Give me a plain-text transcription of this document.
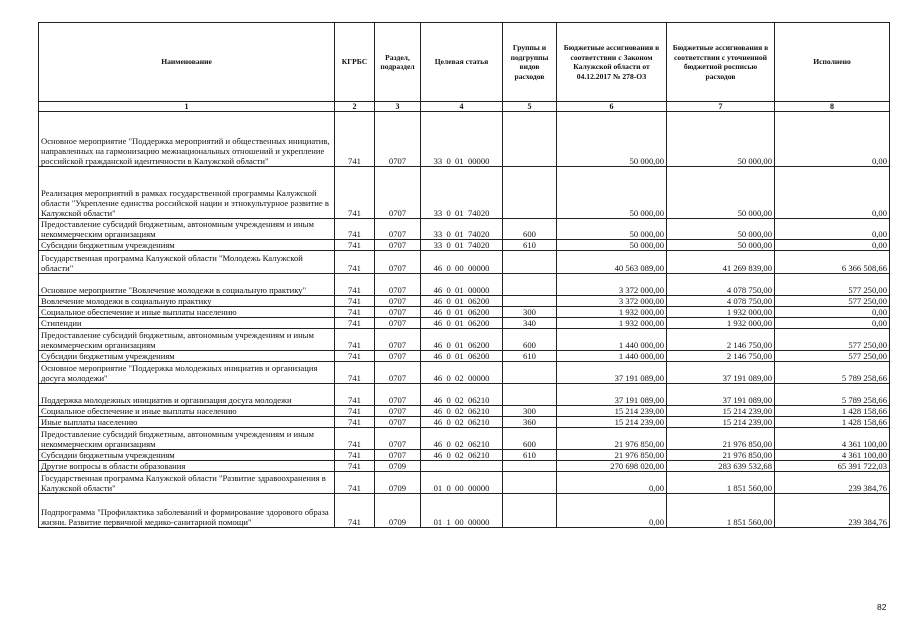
Наименование	КГРБС	Раздел, подраздел	Целевая статья	Группы и подгруппы видов расходов	Бюджетные ассигнования в соответствии с Законом Калужской области от 04.12.2017 № 278-ОЗ	Бюджетные ассигнования в соответствии с уточненной бюджетной росписью расходов	Исполнено
1	2	3	4	5	6	7	8
Основное мероприятие "Поддержка мероприятий и общественных инициатив, направленных на гармонизацию межнациональных отношений и укрепление российской гражданской идентичности в Калужской области"	741	0707	33  0  01  00000		50 000,00	50 000,00	0,00
Реализация мероприятий в рамках государственной программы Калужской области "Укрепление единства российской нации и этнокультурное развитие в Калужской области"	741	0707	33  0  01  74020		50 000,00	50 000,00	0,00
Предоставление субсидий бюджетным, автономным учреждениям и иным некоммерческим организациям	741	0707	33  0  01  74020	600	50 000,00	50 000,00	0,00
Субсидии бюджетным учреждениям	741	0707	33  0  01  74020	610	50 000,00	50 000,00	0,00
Государственная программа Калужской области "Молодежь Калужской области"	741	0707	46  0  00  00000		40 563 089,00	41 269 839,00	6 366 508,66
Основное мероприятие "Вовлечение молодежи в социальную практику"	741	0707	46  0  01  00000		3 372 000,00	4 078 750,00	577 250,00
Вовлечение молодежи в социальную практику	741	0707	46  0  01  06200		3 372 000,00	4 078 750,00	577 250,00
Социальное обеспечение и иные выплаты населению	741	0707	46  0  01  06200	300	1 932 000,00	1 932 000,00	0,00
Стипендии	741	0707	46  0  01  06200	340	1 932 000,00	1 932 000,00	0,00
Предоставление субсидий бюджетным, автономным учреждениям и иным некоммерческим организациям	741	0707	46  0  01  06200	600	1 440 000,00	2 146 750,00	577 250,00
Субсидии бюджетным учреждениям	741	0707	46  0  01  06200	610	1 440 000,00	2 146 750,00	577 250,00
Основное мероприятие "Поддержка молодежных инициатив и организация досуга молодежи"	741	0707	46  0  02  00000		37 191 089,00	37 191 089,00	5 789 258,66
Поддержка молодежных инициатив и организация досуга молодежи	741	0707	46  0  02  06210		37 191 089,00	37 191 089,00	5 789 258,66
Социальное обеспечение и иные выплаты населению	741	0707	46  0  02  06210	300	15 214 239,00	15 214 239,00	1 428 158,66
Иные выплаты населению	741	0707	46  0  02  06210	360	15 214 239,00	15 214 239,00	1 428 158,66
Предоставление субсидий бюджетным, автономным учреждениям и иным некоммерческим организациям	741	0707	46  0  02  06210	600	21 976 850,00	21 976 850,00	4 361 100,00
Субсидии бюджетным учреждениям	741	0707	46  0  02  06210	610	21 976 850,00	21 976 850,00	4 361 100,00
Другие вопросы в области образования	741	0709			270 698 020,00	283 639 532,68	65 391 722,03
Государственная программа Калужской области "Развитие здравоохранения в Калужской области"	741	0709	01  0  00  00000		0,00	1 851 560,00	239 384,76
Подпрограмма "Профилактика заболеваний и формирование здорового образа жизни. Развитие первичной медико-санитарной помощи"	741	0709	01  1  00  00000		0,00	1 851 560,00	239 384,76
82
